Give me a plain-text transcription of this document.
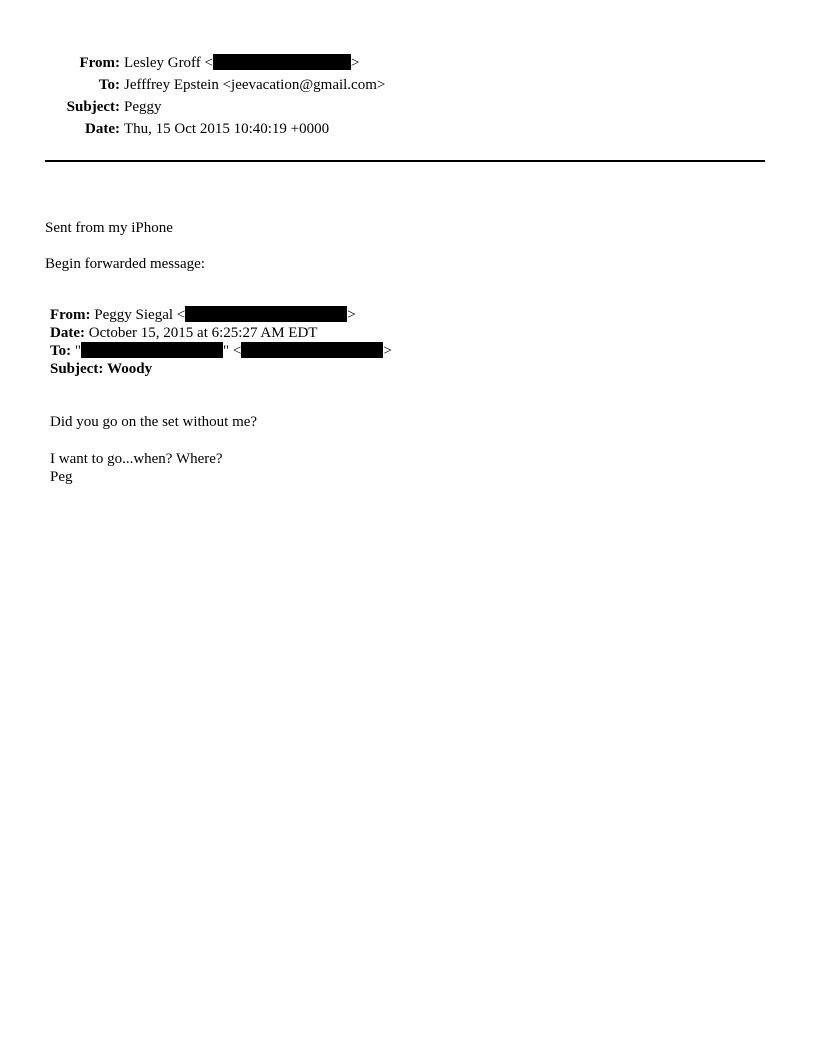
From: Lesley Groff <	>
To: Jefffrey Epstein <jeevacation@gmail.com>
Subject: Peggy
Date: Thu, 15 Oct 2015 10:40:19 +0000
Sent from my iPhone
Begin forwarded message:
From: Peggy Siegal <	>
Date: October 15, 2015 at 6:25:27 AM EDT
To: "	" <	>
Subject: Woody
Did you go on the set without me?
I want to go...when? Where?
Peg
